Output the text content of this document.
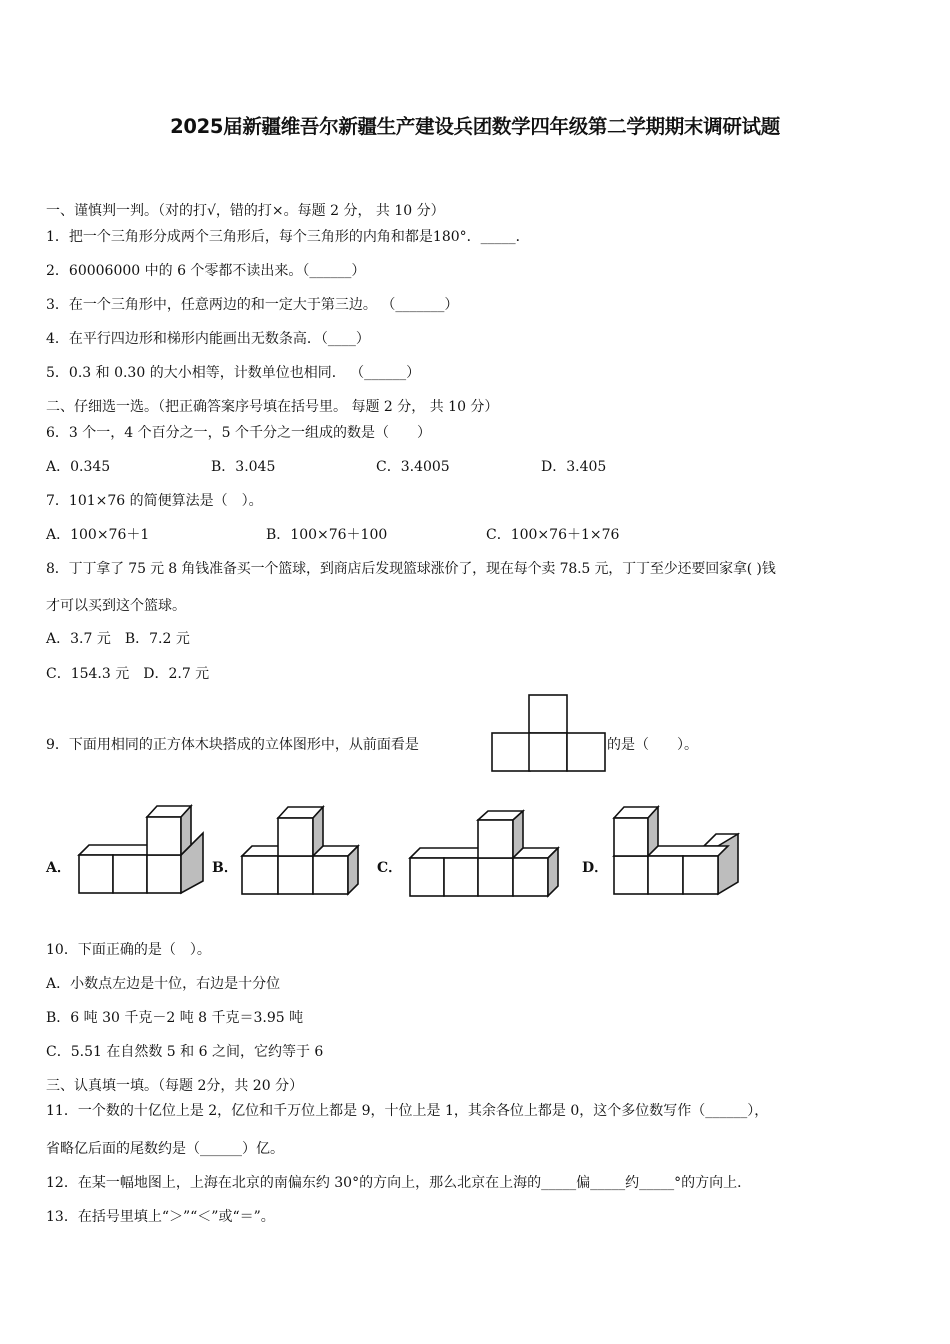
2025届新疆维吾尔新疆生产建设兵团数学四年级第二学期期末调研试题
一、谨慎判一判。（对的打√，错的打×。每题 2 分， 共 10 分）
1．把一个三角形分成两个三角形后，每个三角形的内角和都是180°．_____．
2．60006000 中的 6 个零都不读出来。（______）
3．在一个三角形中，任意两边的和一定大于第三边。 （_______）
4．在平行四边形和梯形内能画出无数条高．（____）
5．0.3 和 0.30 的大小相等，计数单位也相同． （______）
二、仔细选一选。（把正确答案序号填在括号里。 每题 2 分， 共 10 分）
6．3 个一，4 个百分之一，5 个千分之一组成的数是（　　）
A．0.345	B．3.045	C．3.4005	D．3.405
7．101×76 的简便算法是（　）。
A．100×76＋1	B．100×76＋100	C．100×76＋1×76
8．丁丁拿了 75 元 8 角钱准备买一个篮球，到商店后发现篮球涨价了，现在每个卖 78.5 元，丁丁至少还要回家拿( )钱
才可以买到这个篮球。
A．3.7 元　B．7.2 元
C．154.3 元　D．2.7 元
9．下面用相同的正方体木块搭成的立体图形中，从前面看是	的是（　　）。
A．	B．	C．	D．
10．下面正确的是（　）。
A．小数点左边是十位，右边是十分位
B．6 吨 30 千克－2 吨 8 千克＝3.95 吨
C．5.51 在自然数 5 和 6 之间，它约等于 6
三、认真填一填。（每题 2分，共 20 分）
11．一个数的十亿位上是 2，亿位和千万位上都是 9，十位上是 1，其余各位上都是 0，这个多位数写作（______），
省略亿后面的尾数约是（______）亿。
12．在某一幅地图上，上海在北京的南偏东约 30°的方向上，那么北京在上海的_____偏_____约_____°的方向上．
13．在括号里填上“＞”“＜”或“＝”。
